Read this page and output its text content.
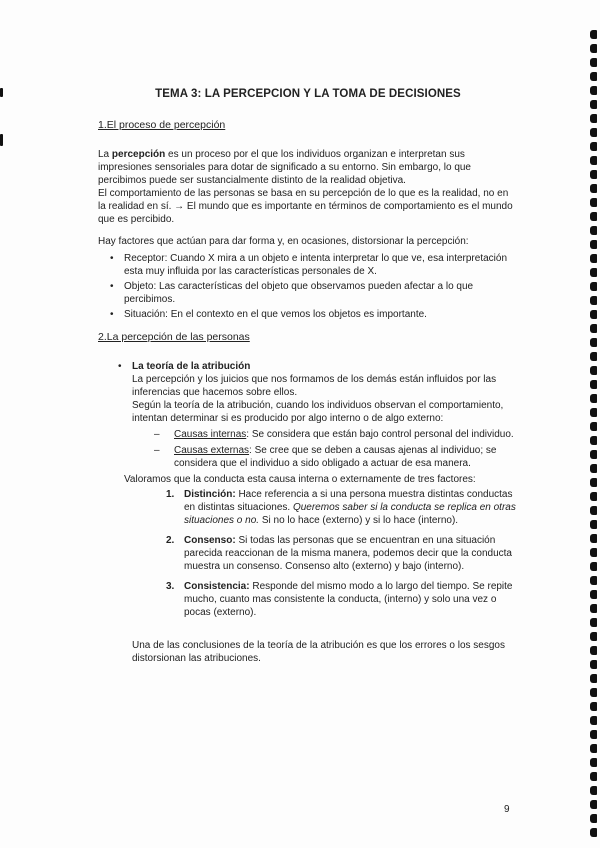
TEMA 3: LA PERCEPCION Y LA TOMA DE DECISIONES
1.El proceso de percepción

La percepción es un proceso por el que los individuos organizan e interpretan sus impresiones sensoriales para dotar de significado a su entorno. Sin embargo, lo que percibimos puede ser sustancialmente distinto de la realidad objetiva.

El comportamiento de las personas se basa en su percepción de lo que es la realidad, no en la realidad en sí. → El mundo que es importante en términos de comportamiento es el mundo que es percibido.

Hay factores que actúan para dar forma y, en ocasiones, distorsionar la percepción:

• Receptor: Cuando X mira a un objeto e intenta interpretar lo que ve, esa interpretación esta muy influida por las características personales de X.
• Objeto: Las características del objeto que observamos pueden afectar a lo que percibimos.
• Situación: En el contexto en el que vemos los objetos es importante.
2.La percepción de las personas
• La teoría de la atribución

La percepción y los juicios que nos formamos de los demás están influidos por las inferencias que hacemos sobre ellos.

Según la teoría de la atribución, cuando los individuos observan el comportamiento, intentan determinar si es producido por algo interno o de algo externo:

– Causas internas: Se considera que están bajo control personal del individuo.
– Causas externas: Se cree que se deben a causas ajenas al individuo; se considera que el individuo a sido obligado a actuar de esa manera.

Valoramos que la conducta esta causa interna o externamente de tres factores:

1. Distinción: Hace referencia a si una persona muestra distintas conductas en distintas situaciones. Queremos saber si la conducta se replica en otras situaciones o no. Si no lo hace (externo) y si lo hace (interno).
2. Consenso: Si todas las personas que se encuentran en una situación parecida reaccionan de la misma manera, podemos decir que la conducta muestra un consenso. Consenso alto (externo) y bajo (interno).
3. Consistencia: Responde del mismo modo a lo largo del tiempo. Se repite mucho, cuanto mas consistente la conducta, (interno) y solo una vez o pocas (externo).

Una de las conclusiones de la teoría de la atribución es que los errores o los sesgos distorsionan las atribuciones.

9
